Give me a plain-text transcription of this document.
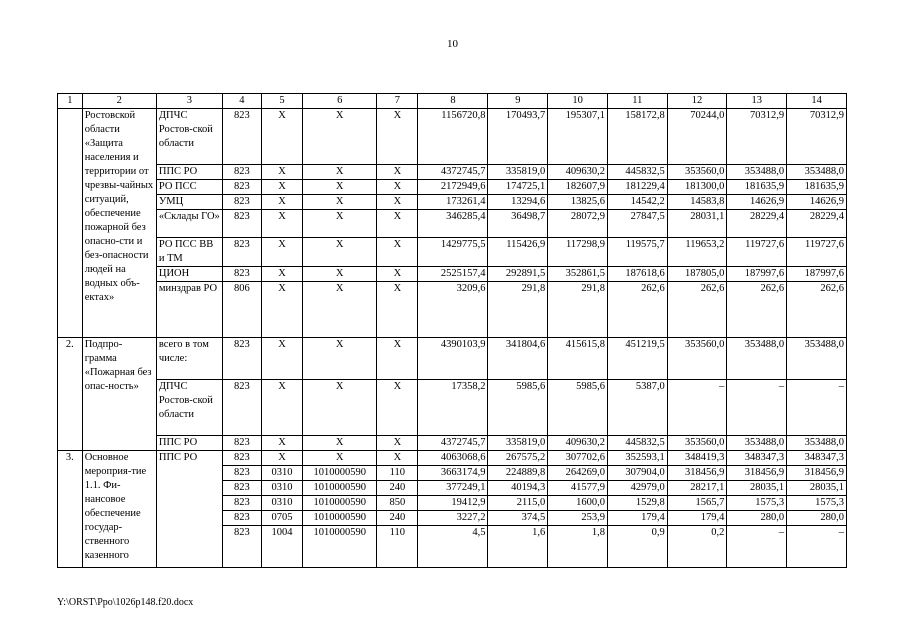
10
1	2	3	4	5	6	7	8	9	10	11	12	13	14
	Ростовской области «Защита населения и территории от чрезвы-чайных ситуаций, обеспечение пожарной без опасно-сти и без-опасности людей на водных объ-ектах»	ДПЧС Ростов-ской области	823	Х	Х	Х	1156720,8	170493,7	195307,1	158172,8	70244,0	70312,9	70312,9
		ППС РО	823	Х	Х	Х	4372745,7	335819,0	409630,2	445832,5	353560,0	353488,0	353488,0
		РО ПСС	823	Х	Х	Х	2172949,6	174725,1	182607,9	181229,4	181300,0	181635,9	181635,9
		УМЦ	823	Х	Х	Х	173261,4	13294,6	13825,6	14542,2	14583,8	14626,9	14626,9
		«Склады ГО»	823	Х	Х	Х	346285,4	36498,7	28072,9	27847,5	28031,1	28229,4	28229,4
		РО ПСС ВВ и ТМ	823	Х	Х	Х	1429775,5	115426,9	117298,9	119575,7	119653,2	119727,6	119727,6
		ЦИОН	823	Х	Х	Х	2525157,4	292891,5	352861,5	187618,6	187805,0	187997,6	187997,6
		минздрав РО	806	Х	Х	Х	3209,6	291,8	291,8	262,6	262,6	262,6	262,6
2.	Подпро-грамма «Пожарная без опас-ность»	всего в том числе:	823	Х	Х	Х	4390103,9	341804,6	415615,8	451219,5	353560,0	353488,0	353488,0
		ДПЧС Ростов-ской области	823	Х	Х	Х	17358,2	5985,6	5985,6	5387,0	–	–	–
		ППС РО	823	Х	Х	Х	4372745,7	335819,0	409630,2	445832,5	353560,0	353488,0	353488,0
3.	Основное мероприя-тие 1.1. Фи-нансовое обеспечение государ-ственного казенного	ППС РО	823	Х	Х	Х	4063068,6	267575,2	307702,6	352593,1	348419,3	348347,3	348347,3
			823	0310	1010000590	110	3663174,9	224889,8	264269,0	307904,0	318456,9	318456,9	318456,9
			823	0310	1010000590	240	377249,1	40194,3	41577,9	42979,0	28217,1	28035,1	28035,1
			823	0310	1010000590	850	19412,9	2115,0	1600,0	1529,8	1565,7	1575,3	1575,3
			823	0705	1010000590	240	3227,2	374,5	253,9	179,4	179,4	280,0	280,0
			823	1004	1010000590	110	4,5	1,6	1,8	0,9	0,2	–	–
Y:\ORST\Ppo\1026p148.f20.docx
